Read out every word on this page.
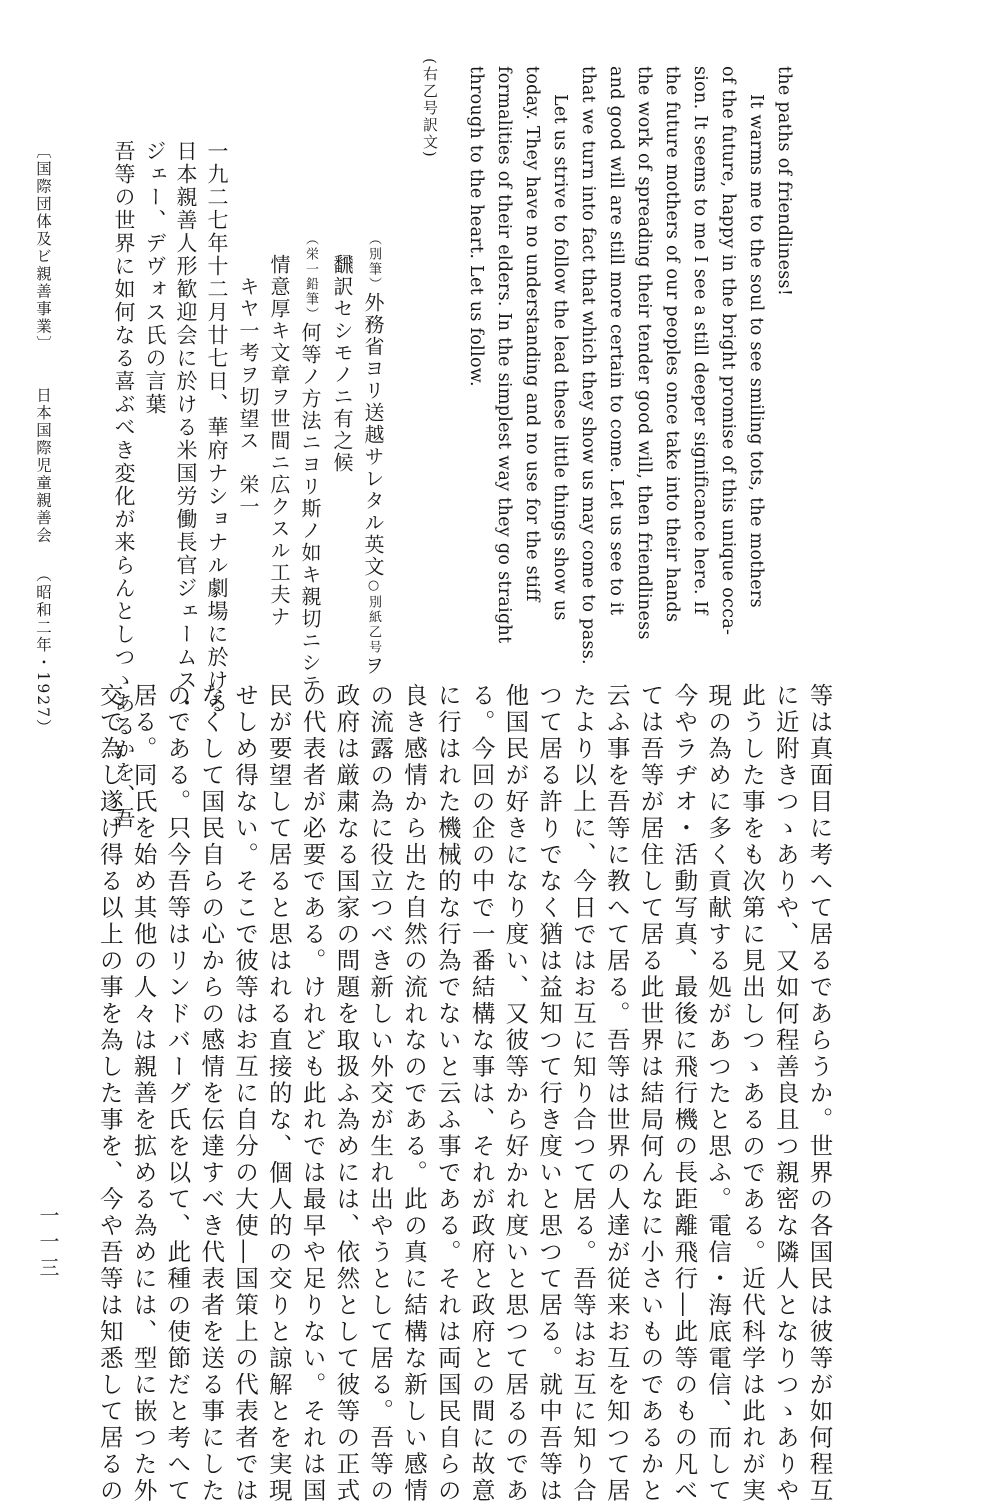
the paths of friendliness!
It warms me to the soul to see smiling tots, the mothers
of the future, happy in the bright promise of this unique occa-
sion. It seems to me I see a still deeper significance here. If
the future mothers of our peoples once take into their hands
the work of spreading their tender good will, then friendliness
and good will are still more certain to come. Let us see to it
that we turn into fact that which they show us may come to pass.
Let us strive to follow the lead these little things show us
today. They have no understanding and no use for the stiff
formalities of their elders. In the simplest way they go straight
through to the heart. Let us follow.
(右乙号訳文)
（別筆）外務省ヨリ送越サレタル英文○別紙乙号ヲ
飜訳セシモノニ有之候
（栄一鉛筆）何等ノ方法ニヨリ斯ノ如キ親切ニシテ
情意厚キ文章ヲ世間ニ広クスル工夫ナ
キヤ一考ヲ切望ス　栄一
一九二七年十二月廿七日、華府ナショナル劇場に於ける
日本親善人形歓迎会に於ける米国労働長官ジェームス・
ジェー、デヴォス氏の言葉
吾等の世界に如何なる喜ぶべき変化が来らんとしつゝあるかを、吾
〔国際団体及ビ親善事業〕日本国際児童親善会（昭和二年・1927）
等は真面目に考へて居るであらうか。世界の各国民は彼等が如何程互
に近附きつゝありや、又如何程善良且つ親密な隣人となりつゝありや
此うした事をも次第に見出しつゝあるのである。近代科学は此れが実
現の為めに多く貢献する処があつたと思ふ。電信・海底電信、而して
今やラヂオ・活動写真、最後に飛行機の長距離飛行―此等のもの凡べ
ては吾等が居住して居る此世界は結局何んなに小さいものであるかと
云ふ事を吾等に教へて居る。吾等は世界の人達が従来お互を知つて居
たより以上に、今日ではお互に知り合つて居る。吾等はお互に知り合
つて居る許りでなく猶は益知つて行き度いと思つて居る。就中吾等は
他国民が好きになり度い、又彼等から好かれ度いと思つて居るのであ
る。今回の企の中で一番結構な事は、それが政府と政府との間に故意
に行はれた機械的な行為でないと云ふ事である。それは両国民自らの
良き感情から出た自然の流れなのである。此の真に結構な新しい感情
の流露の為に役立つべき新しい外交が生れ出やうとして居る。吾等の
政府は厳粛なる国家の問題を取扱ふ為めには、依然として彼等の正式
の代表者が必要である。けれども此れでは最早や足りない。それは国
民が要望して居ると思はれる直接的な、個人的の交りと諒解とを実現
せしめ得ない。そこで彼等はお互に自分の大使―国策上の代表者では
なくして国民自らの心からの感情を伝達すべき代表者を送る事にした
のである。只今吾等はリンドバーグ氏を以て、此種の使節だと考へて
居る。同氏を始め其他の人々は親善を拡める為めには、型に嵌つた外
交で為し遂げ得る以上の事を為した事を、今や吾等は知悉して居るの
一一三
